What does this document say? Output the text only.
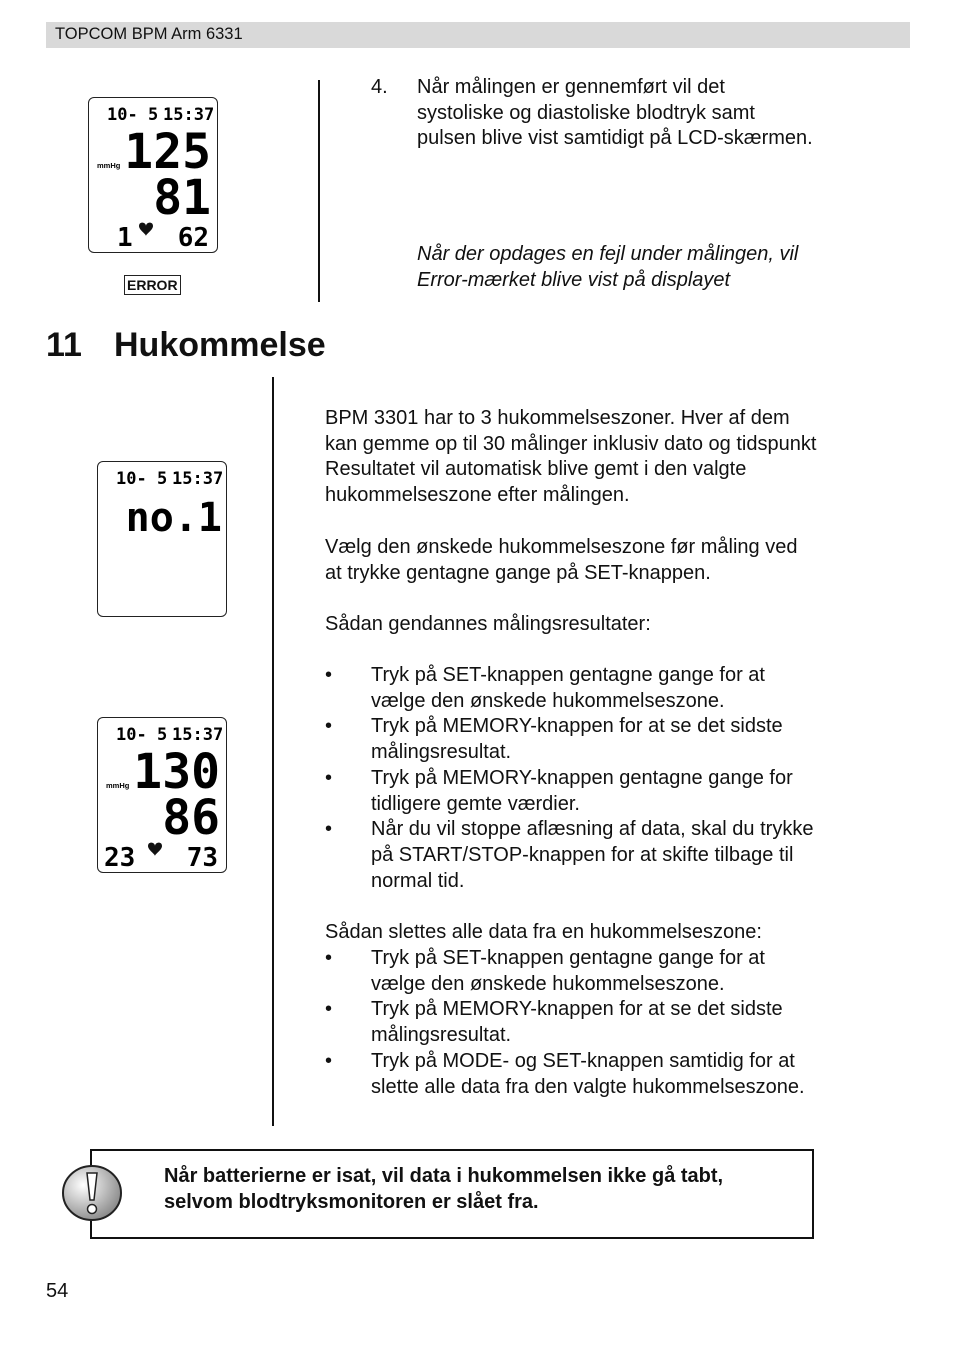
TOPCOM BPM Arm 6331
10- 5 15:37
mmHg 125
81
1 62
ERROR
4. Når målingen er gennemført vil det
systoliske og diastoliske blodtryk samt
pulsen blive vist samtidigt på LCD-skærmen.
Når der opdages en fejl under målingen, vil
Error-mærket blive vist på displayet
11 Hukommelse
10- 5 15:37
no.1
10- 5 15:37
mmHg 130
86
23 73
BPM 3301 har to 3 hukommelseszoner. Hver af dem
kan gemme op til 30 målinger inklusiv dato og tidspunkt
Resultatet vil automatisk blive gemt i den valgte
hukommelseszone efter målingen.
Vælg den ønskede hukommelseszone før måling ved
at trykke gentagne gange på SET-knappen.
Sådan gendannes målingsresultater:
• Tryk på SET-knappen gentagne gange for at
vælge den ønskede hukommelseszone.
• Tryk på MEMORY-knappen for at se det sidste
målingsresultat.
• Tryk på MEMORY-knappen gentagne gange for
tidligere gemte værdier.
• Når du vil stoppe aflæsning af data, skal du trykke
på START/STOP-knappen for at skifte tilbage til
normal tid.
Sådan slettes alle data fra en hukommelseszone:
• Tryk på SET-knappen gentagne gange for at
vælge den ønskede hukommelseszone.
• Tryk på MEMORY-knappen for at se det sidste
målingsresultat.
• Tryk på MODE- og SET-knappen samtidig for at
slette alle data fra den valgte hukommelseszone.
Når batterierne er isat, vil data i hukommelsen ikke gå tabt,
selvom blodtryksmonitoren er slået fra.
54
